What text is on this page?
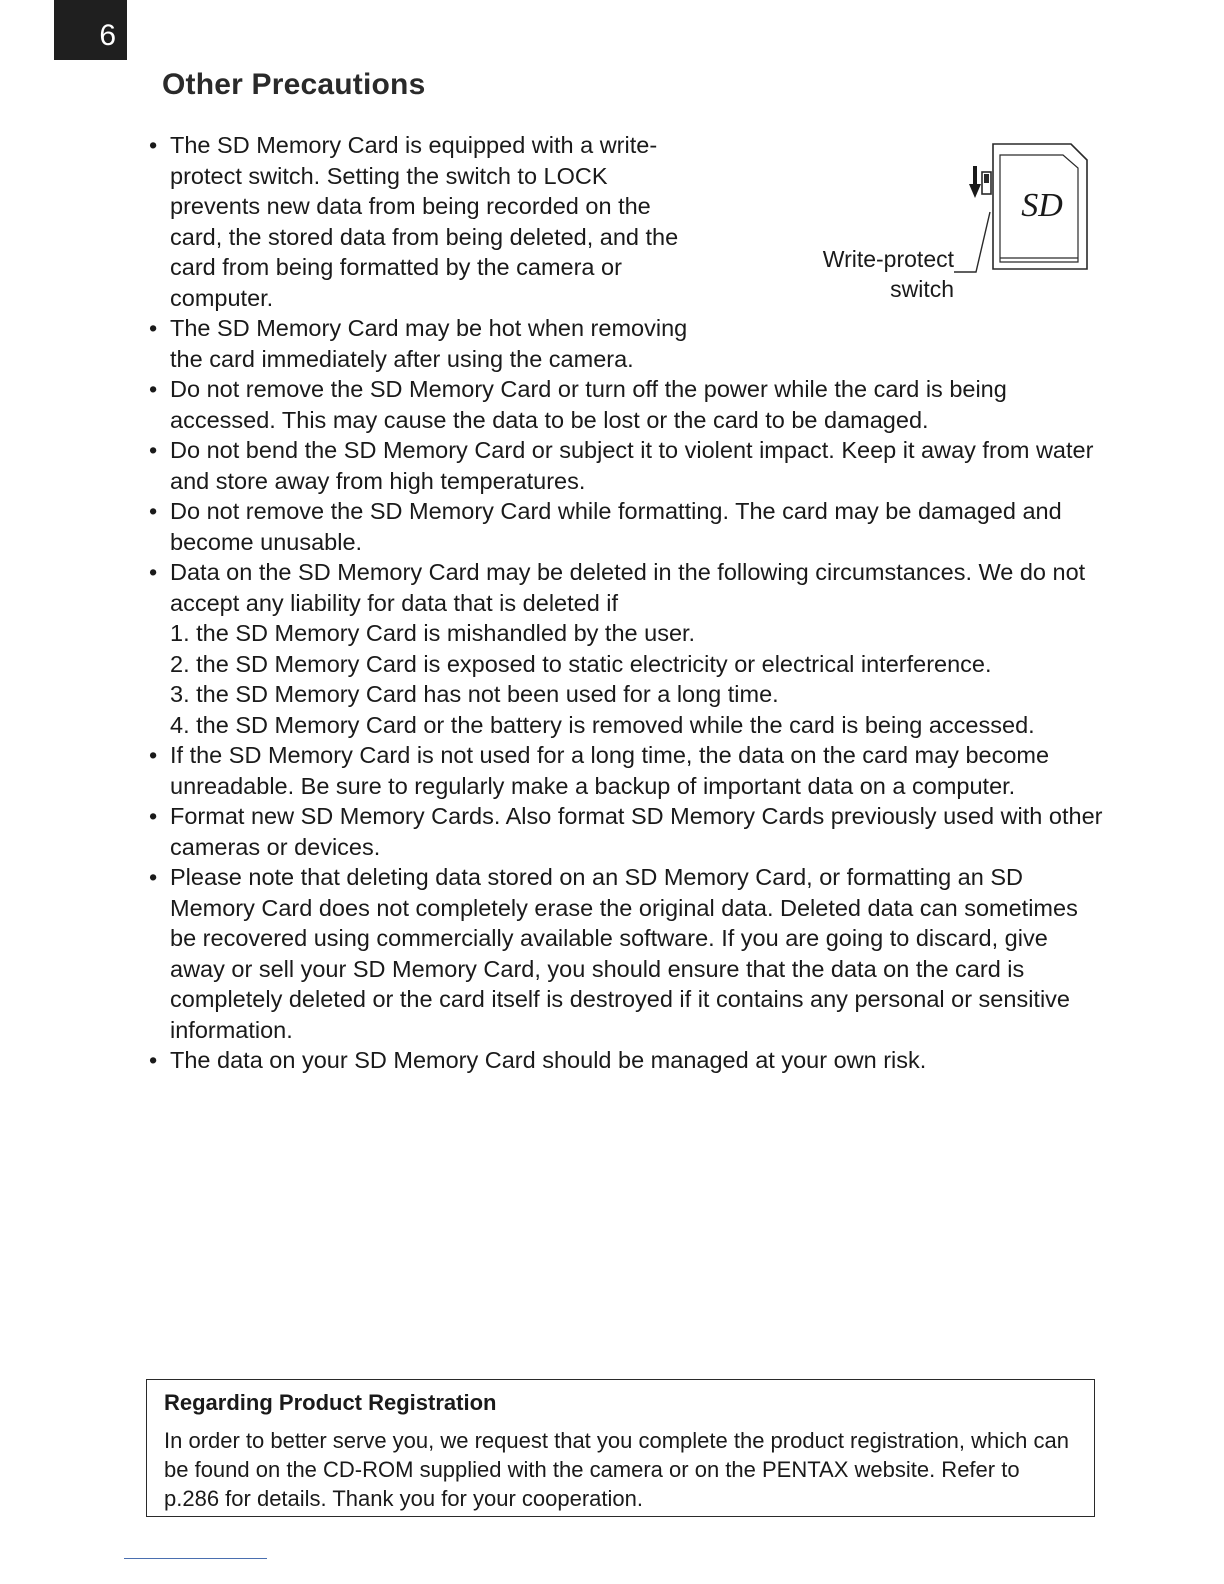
6
Other Precautions
SD
Write-protect
switch
• The SD Memory Card is equipped with a write-protect switch. Setting the switch to LOCK prevents new data from being recorded on the card, the stored data from being deleted, and the card from being formatted by the camera or computer.
• The SD Memory Card may be hot when removing the card immediately after using the camera.
• Do not remove the SD Memory Card or turn off the power while the card is being accessed. This may cause the data to be lost or the card to be damaged.
• Do not bend the SD Memory Card or subject it to violent impact. Keep it away from water and store away from high temperatures.
• Do not remove the SD Memory Card while formatting. The card may be damaged and become unusable.
• Data on the SD Memory Card may be deleted in the following circumstances. We do not accept any liability for data that is deleted if
1. the SD Memory Card is mishandled by the user.
2. the SD Memory Card is exposed to static electricity or electrical interference.
3. the SD Memory Card has not been used for a long time.
4. the SD Memory Card or the battery is removed while the card is being accessed.
• If the SD Memory Card is not used for a long time, the data on the card may become unreadable. Be sure to regularly make a backup of important data on a computer.
• Format new SD Memory Cards. Also format SD Memory Cards previously used with other cameras or devices.
• Please note that deleting data stored on an SD Memory Card, or formatting an SD Memory Card does not completely erase the original data. Deleted data can sometimes be recovered using commercially available software. If you are going to discard, give away or sell your SD Memory Card, you should ensure that the data on the card is completely deleted or the card itself is destroyed if it contains any personal or sensitive information.
• The data on your SD Memory Card should be managed at your own risk.
Regarding Product Registration

In order to better serve you, we request that you complete the product registration, which can be found on the CD-ROM supplied with the camera or on the PENTAX website. Refer to p.286 for details. Thank you for your cooperation.
